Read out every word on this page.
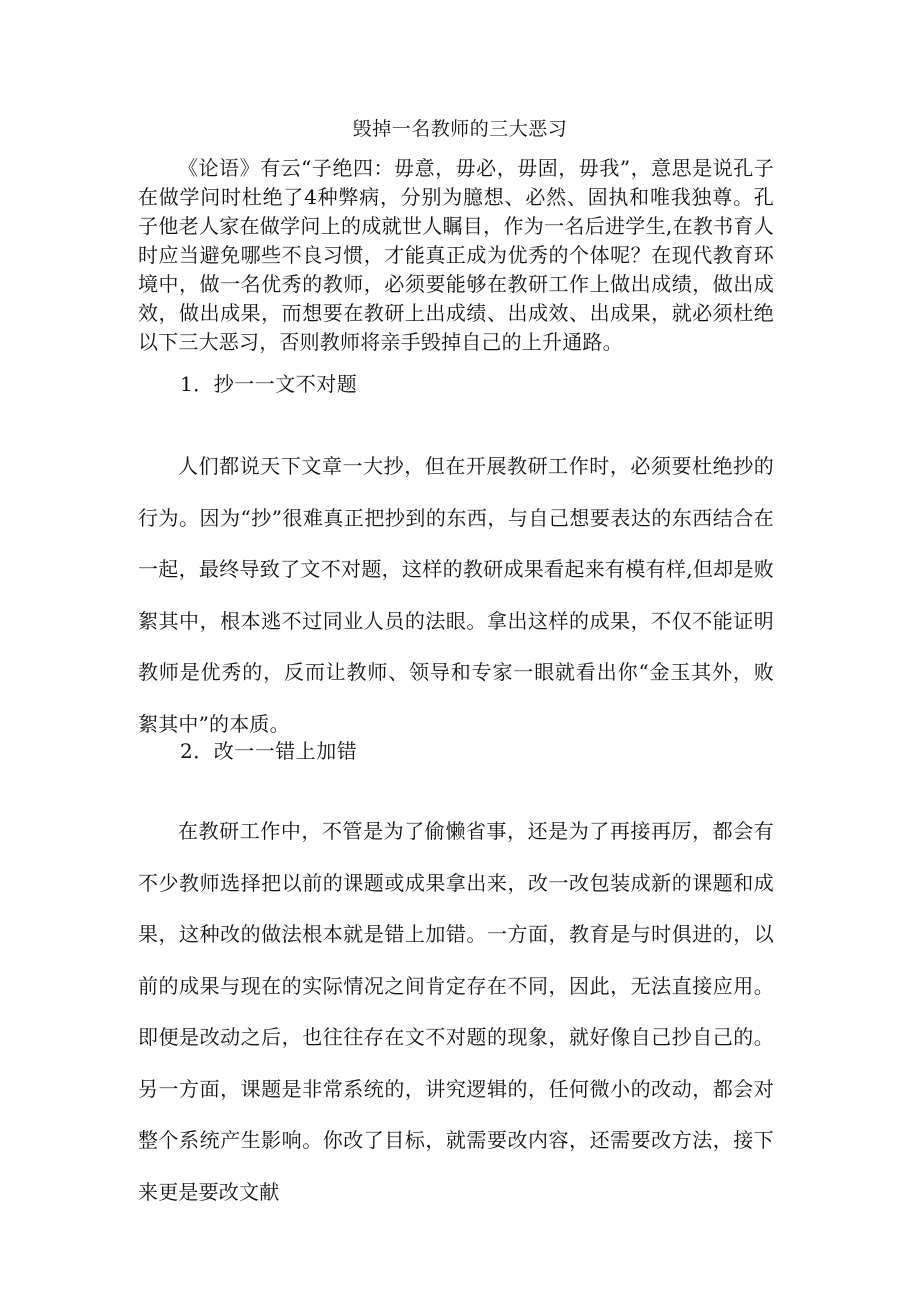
毁掉一名教师的三大恶习

《论语》有云“子绝四：毋意，毋必，毋固，毋我”，意思是说孔子在做学问时杜绝了4种弊病，分别为臆想、必然、固执和唯我独尊。孔子他老人家在做学问上的成就世人瞩目，作为一名后进学生,在教书育人时应当避免哪些不良习惯，才能真正成为优秀的个体呢？在现代教育环境中，做一名优秀的教师，必须要能够在教研工作上做出成绩，做出成效，做出成果，而想要在教研上出成绩、出成效、出成果，就必须杜绝以下三大恶习，否则教师将亲手毁掉自己的上升通路。

1．抄一一文不对题

人们都说天下文章一大抄，但在开展教研工作时，必须要杜绝抄的行为。因为“抄”很难真正把抄到的东西，与自己想要表达的东西结合在一起，最终导致了文不对题，这样的教研成果看起来有模有样,但却是败絮其中，根本逃不过同业人员的法眼。拿出这样的成果，不仅不能证明教师是优秀的，反而让教师、领导和专家一眼就看出你“金玉其外，败絮其中”的本质。

2．改一一错上加错

在教研工作中，不管是为了偷懒省事，还是为了再接再厉，都会有不少教师选择把以前的课题或成果拿出来，改一改包装成新的课题和成果，这种改的做法根本就是错上加错。一方面，教育是与时俱进的，以前的成果与现在的实际情况之间肯定存在不同，因此，无法直接应用。即便是改动之后，也往往存在文不对题的现象，就好像自己抄自己的。另一方面，课题是非常系统的，讲究逻辑的，任何微小的改动，都会对整个系统产生影响。你改了目标，就需要改内容，还需要改方法，接下来更是要改文献
